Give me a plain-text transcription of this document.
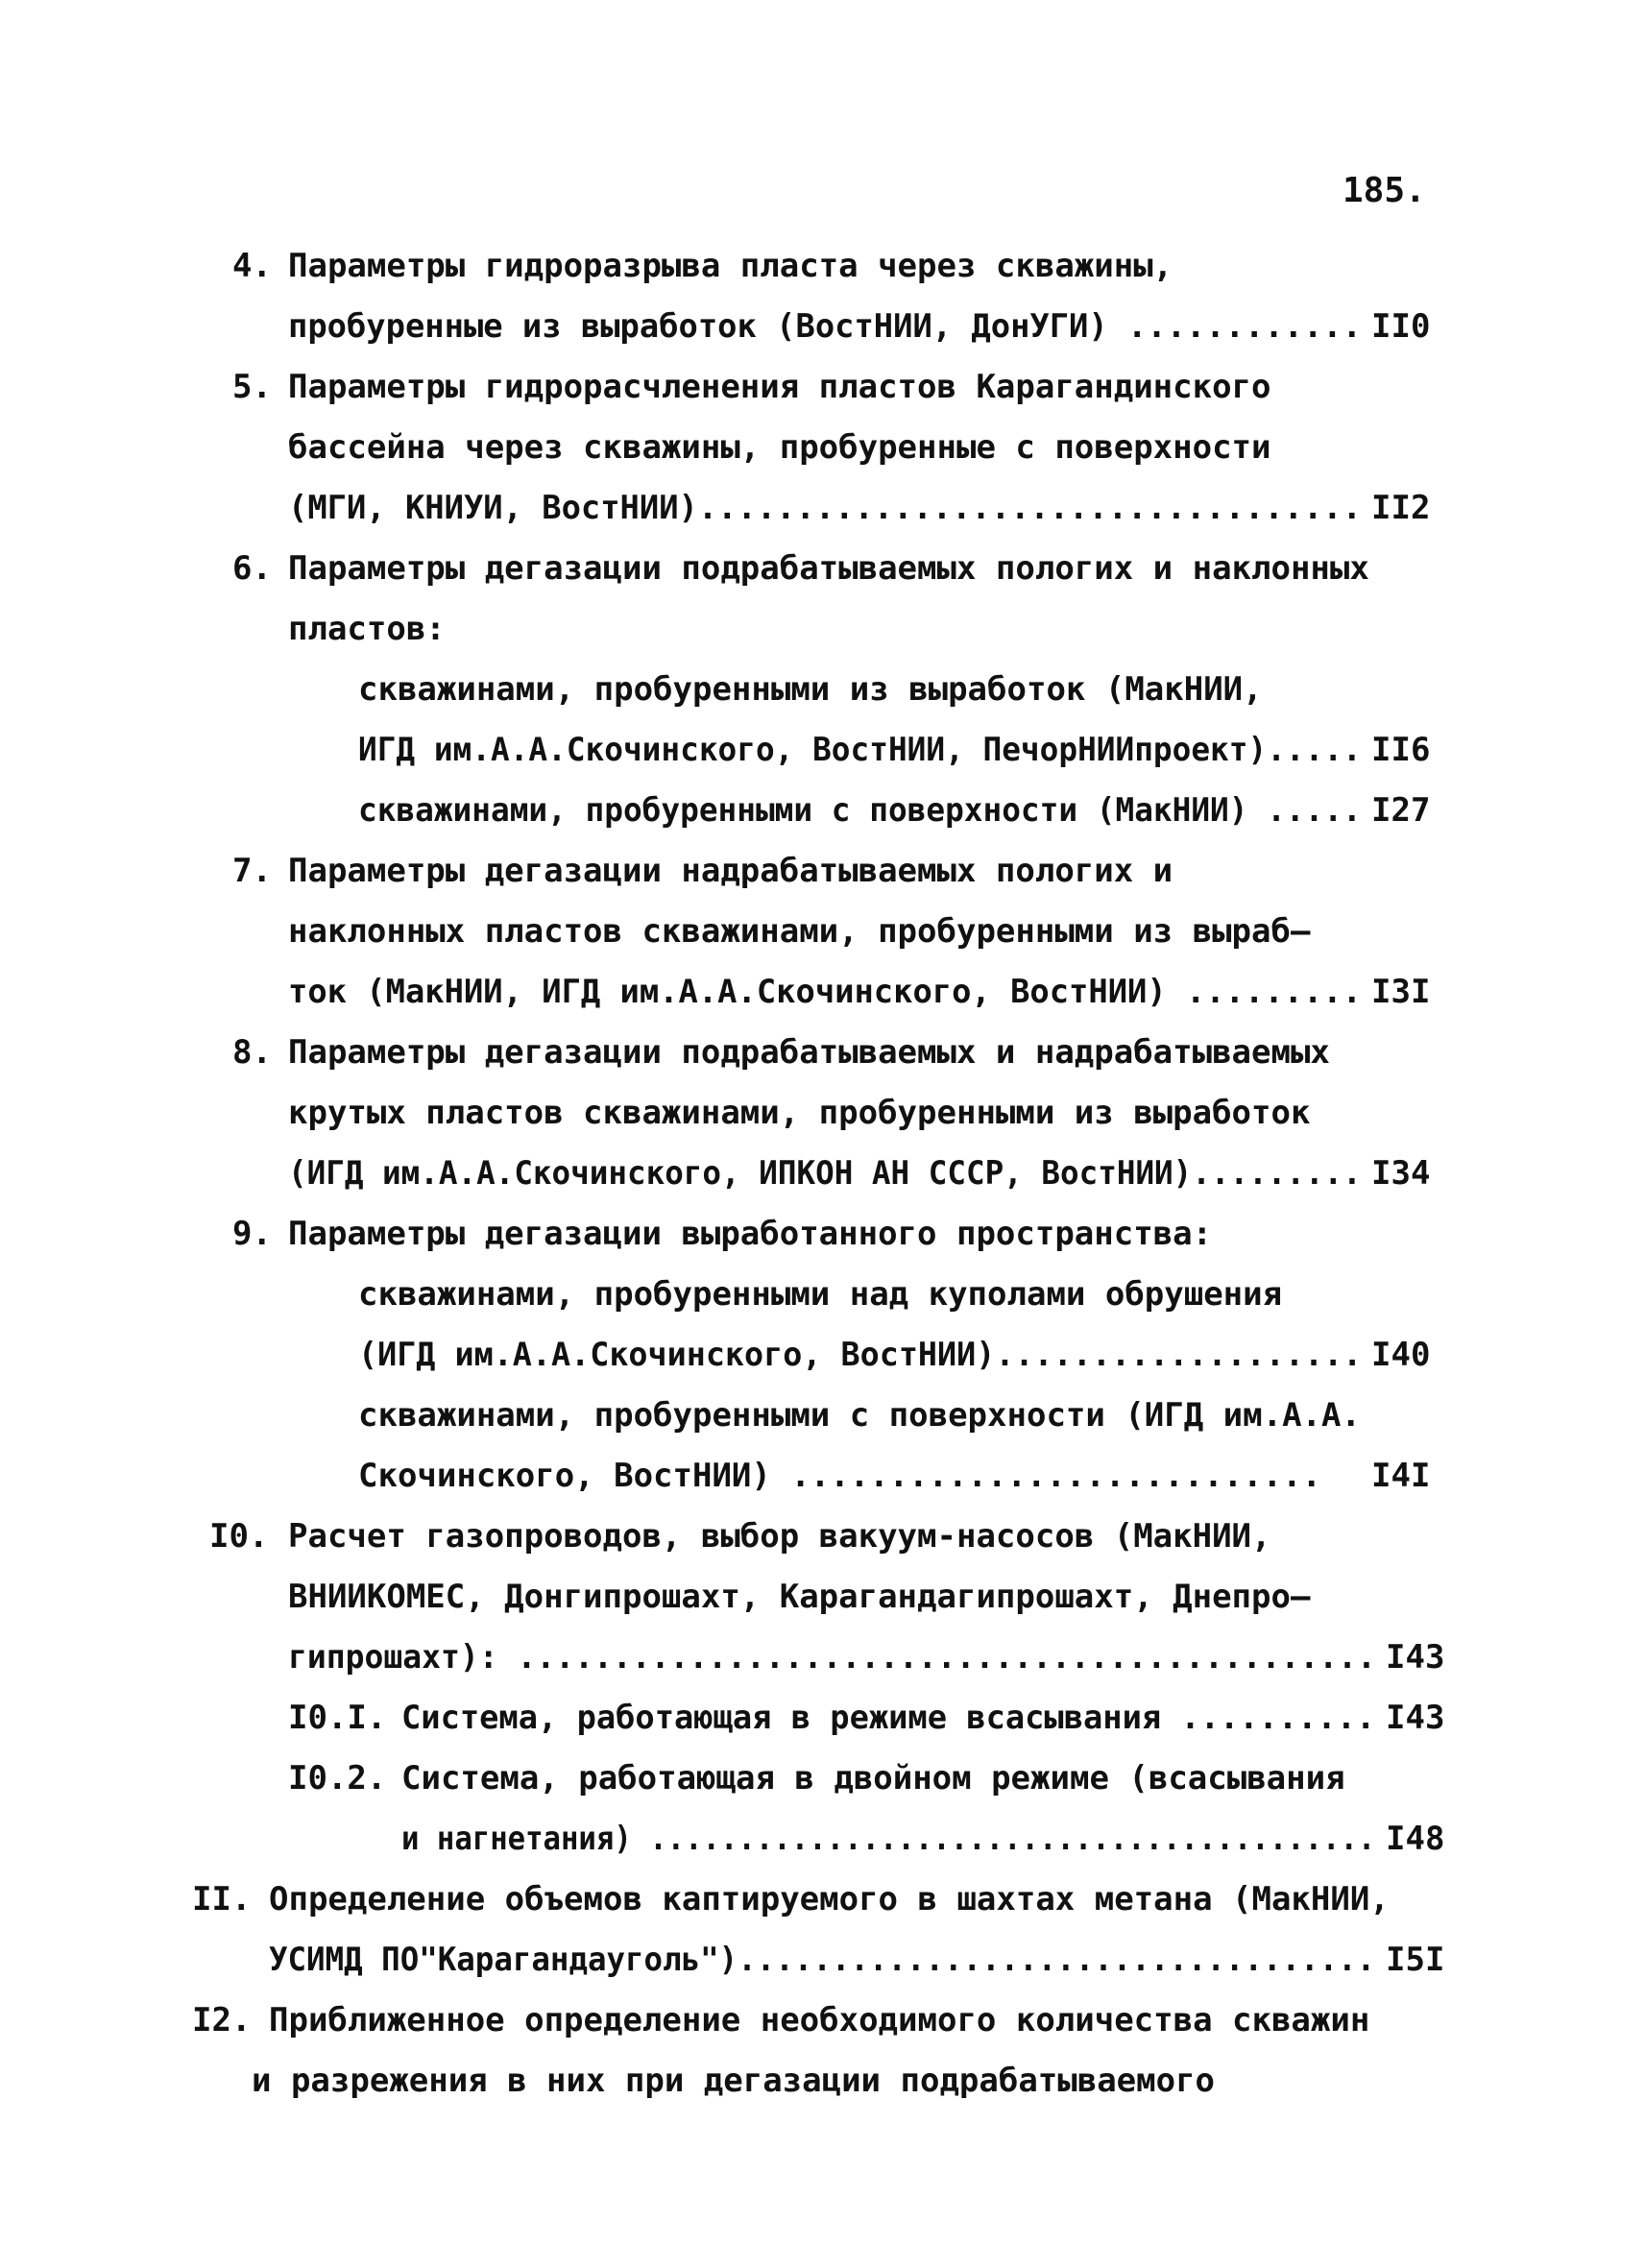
185.
4. Параметры гидроразрыва пласта через скважины,
пробуренные из выработок (ВостНИИ, ДонУГИ) ............ II0
5. Параметры гидрорасчленения пластов Карагандинского
бассейна через скважины, пробуренные с поверхности
(МГИ, КНИУИ, ВостНИИ).................................. II2
6. Параметры дегазации подрабатываемых пологих и наклонных
пластов:
скважинами, пробуренными из выработок (МакНИИ,
ИГД им.А.А.Скочинского, ВостНИИ, ПечорНИИпроект)..... II6
скважинами, пробуренными с поверхности (МакНИИ) ..... I27
7. Параметры дегазации надрабатываемых пологих и
наклонных пластов скважинами, пробуренными из выраб–
ток (МакНИИ, ИГД им.А.А.Скочинского, ВостНИИ) ......... I3I
8. Параметры дегазации подрабатываемых и надрабатываемых
крутых пластов скважинами, пробуренными из выработок
(ИГД им.А.А.Скочинского, ИПКОН АН СССР, ВостНИИ)......... I34
9. Параметры дегазации выработанного пространства:
скважинами, пробуренными над куполами обрушения
(ИГД им.А.А.Скочинского, ВостНИИ)................... I40
скважинами, пробуренными с поверхности (ИГД им.А.А.
Скочинского, ВостНИИ) ........................... I4I
I0. Расчет газопроводов, выбор вакуум-насосов (МакНИИ,
ВНИИКОМЕС, Донгипрошахт, Карагандагипрошахт, Днепро–
гипрошахт): ............................................. I43
I0.I. Система, работающая в режиме всасывания .......... I43
I0.2. Система, работающая в двойном режиме (всасывания
и нагнетания) ......................................... I48
II. Определение объемов каптируемого в шахтах метана (МакНИИ,
УСИМД ПО"Карагандауголь").................................. I5I
I2. Приближенное определение необходимого количества скважин
и разрежения в них при дегазации подрабатываемого
